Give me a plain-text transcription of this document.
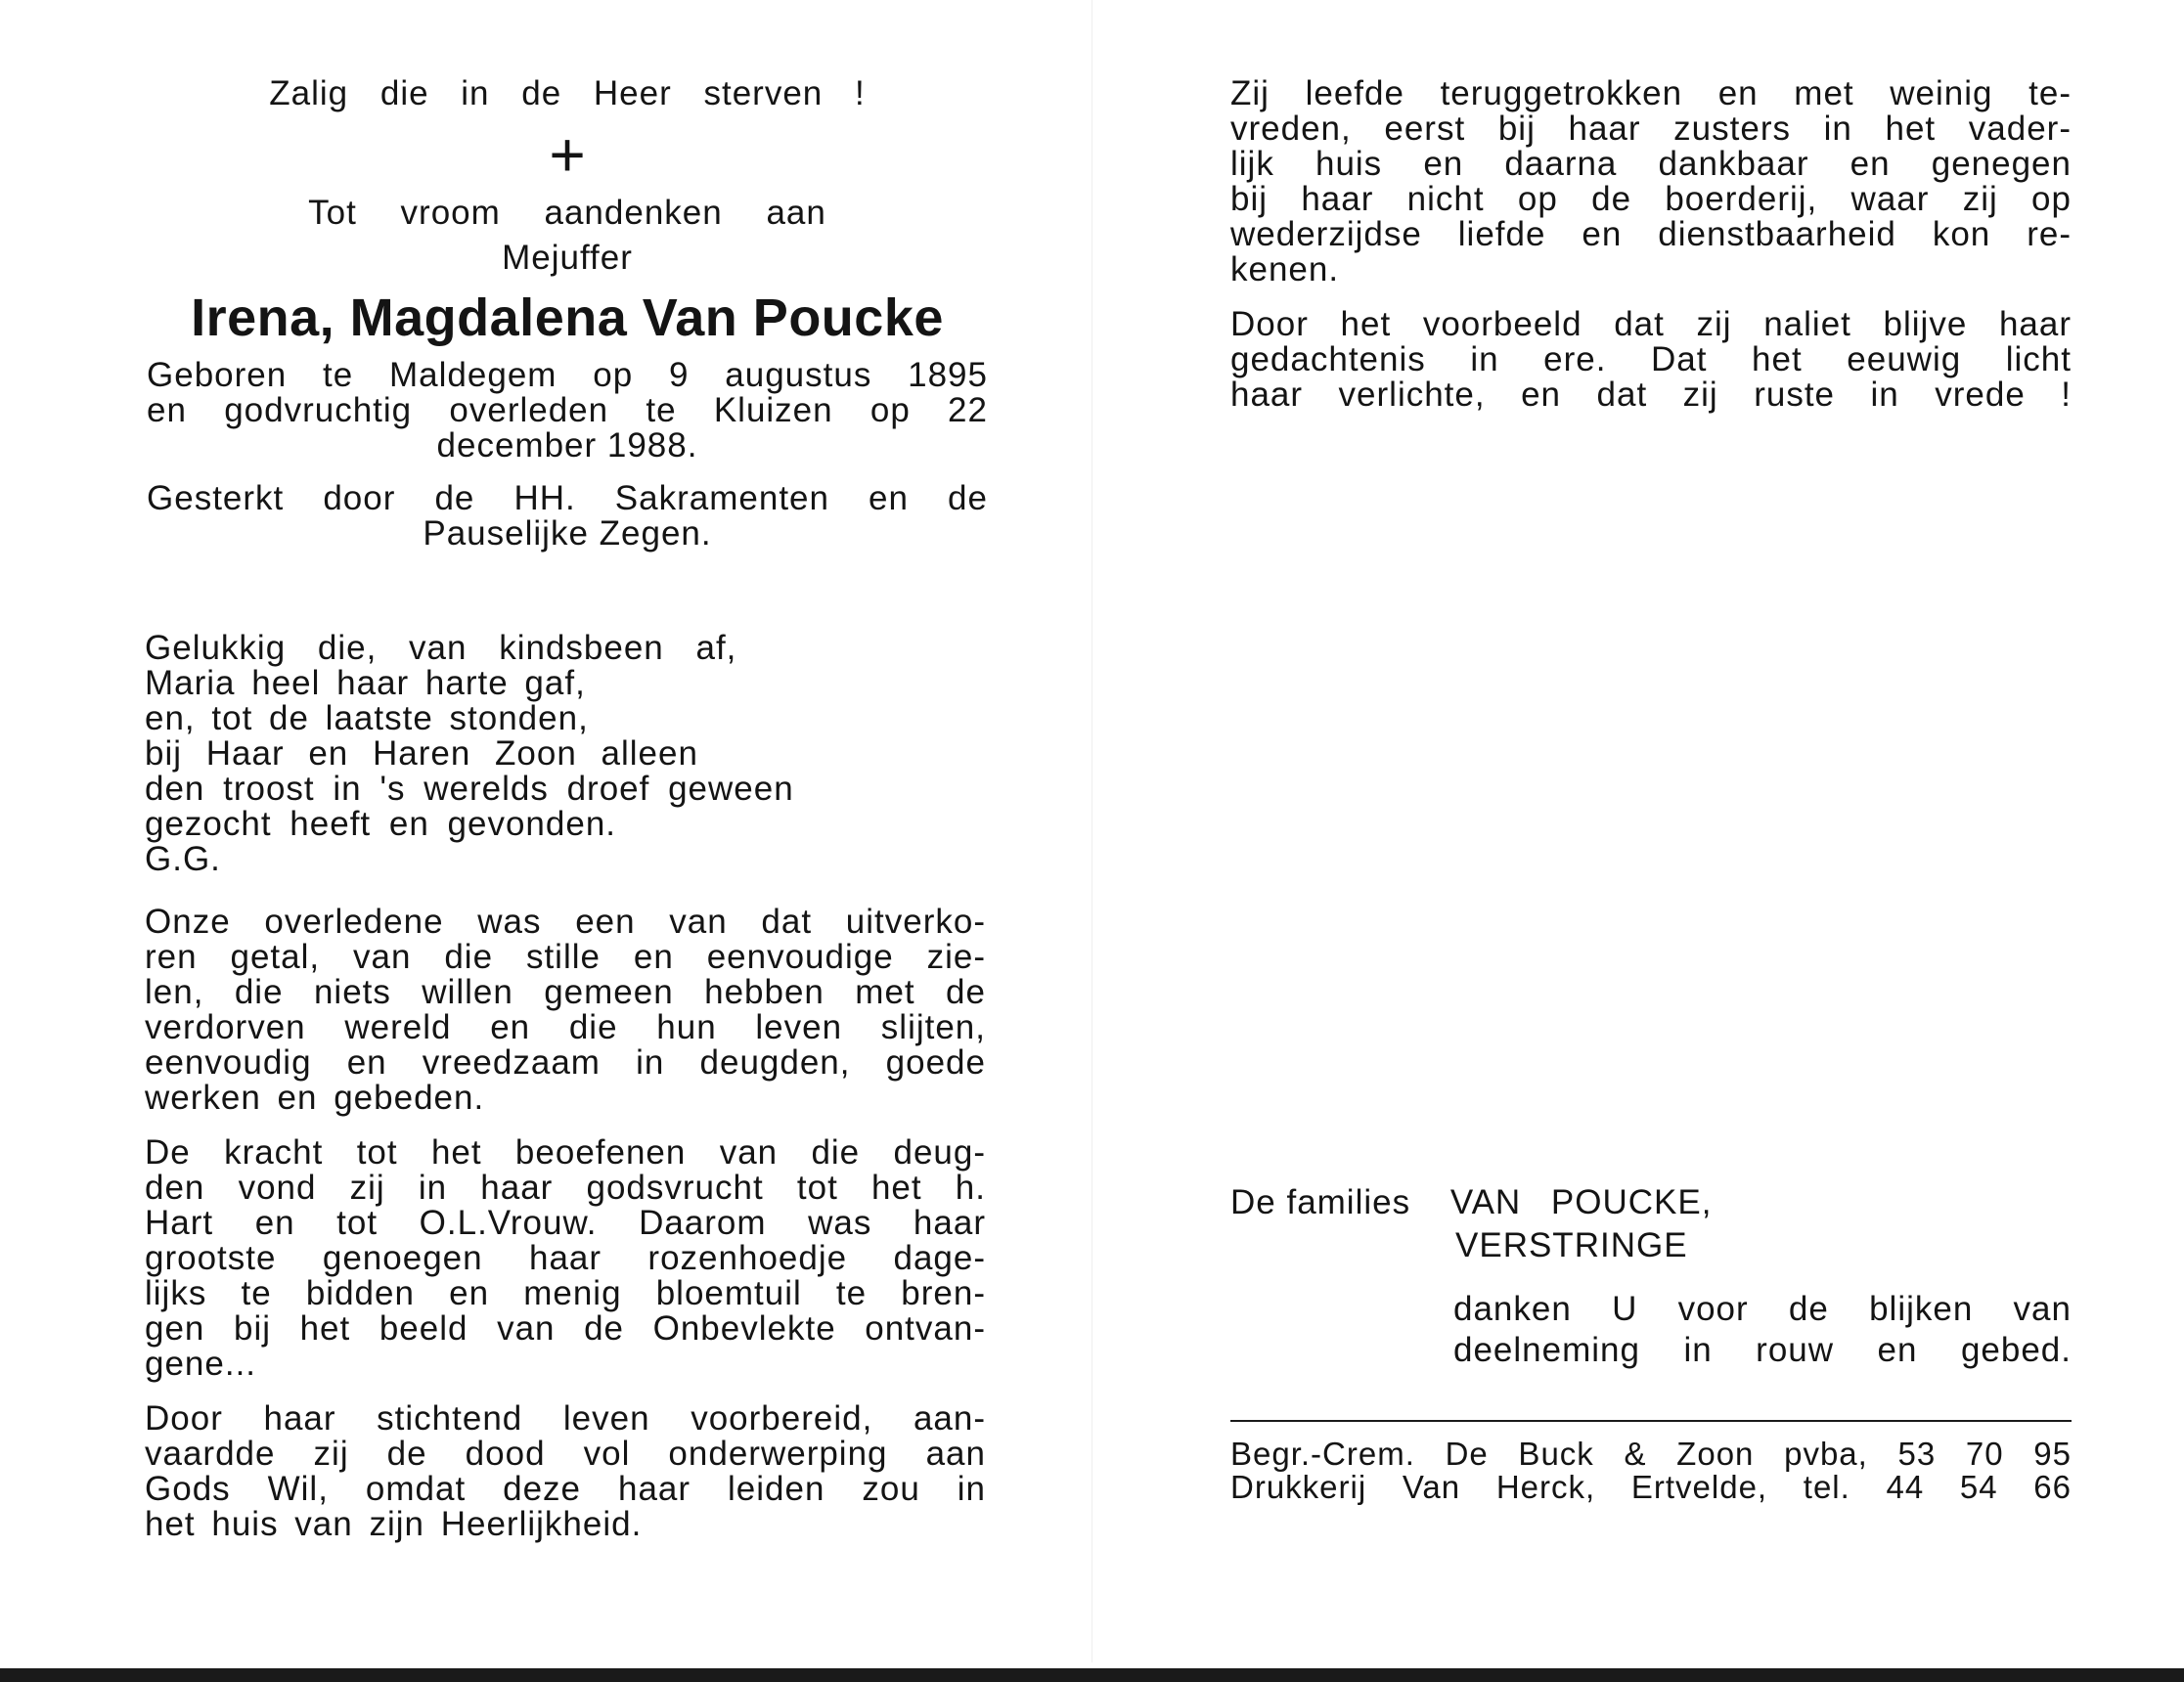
Zalig die in de Heer sterven !

+

Tot vroom aandenken aan

Mejuffer

Irena, Magdalena Van Poucke

Geboren te Maldegem op 9 augustus 1895

en godvruchtig overleden te Kluizen op 22

december 1988.

Gesterkt door de HH. Sakramenten en de

Pauselijke Zegen.

Gelukkig die, van kindsbeen af,

Maria heel haar harte gaf,

en, tot de laatste stonden,

bij Haar en Haren Zoon alleen

den troost in 's werelds droef geween

gezocht heeft en gevonden.

G.G.

Onze overledene was een van dat uitverko-

ren getal, van die stille en eenvoudige zie-

len, die niets willen gemeen hebben met de

verdorven wereld en die hun leven slijten,

eenvoudig en vreedzaam in deugden, goede

werken en gebeden.

De kracht tot het beoefenen van die deug-

den vond zij in haar godsvrucht tot het h.

Hart en tot O.L.Vrouw. Daarom was haar

grootste genoegen haar rozenhoedje dage-

lijks te bidden en menig bloemtuil te bren-

gen bij het beeld van de Onbevlekte ontvan-

gene...

Door haar stichtend leven voorbereid, aan-

vaardde zij de dood vol onderwerping aan

Gods Wil, omdat deze haar leiden zou in

het huis van zijn Heerlijkheid.

Zij leefde teruggetrokken en met weinig te-

vreden, eerst bij haar zusters in het vader-

lijk huis en daarna dankbaar en genegen

bij haar nicht op de boerderij, waar zij op

wederzijdse liefde en dienstbaarheid kon re-

kenen.

Door het voorbeeld dat zij naliet blijve haar

gedachtenis in ere. Dat het eeuwig licht

haar verlichte, en dat zij ruste in vrede !

De families VAN POUCKE,

VERSTRINGE

danken U voor de blijken van

deelneming in rouw en gebed.

Begr.-Crem. De Buck & Zoon pvba, 53 70 95

Drukkerij Van Herck, Ertvelde, tel. 44 54 66
